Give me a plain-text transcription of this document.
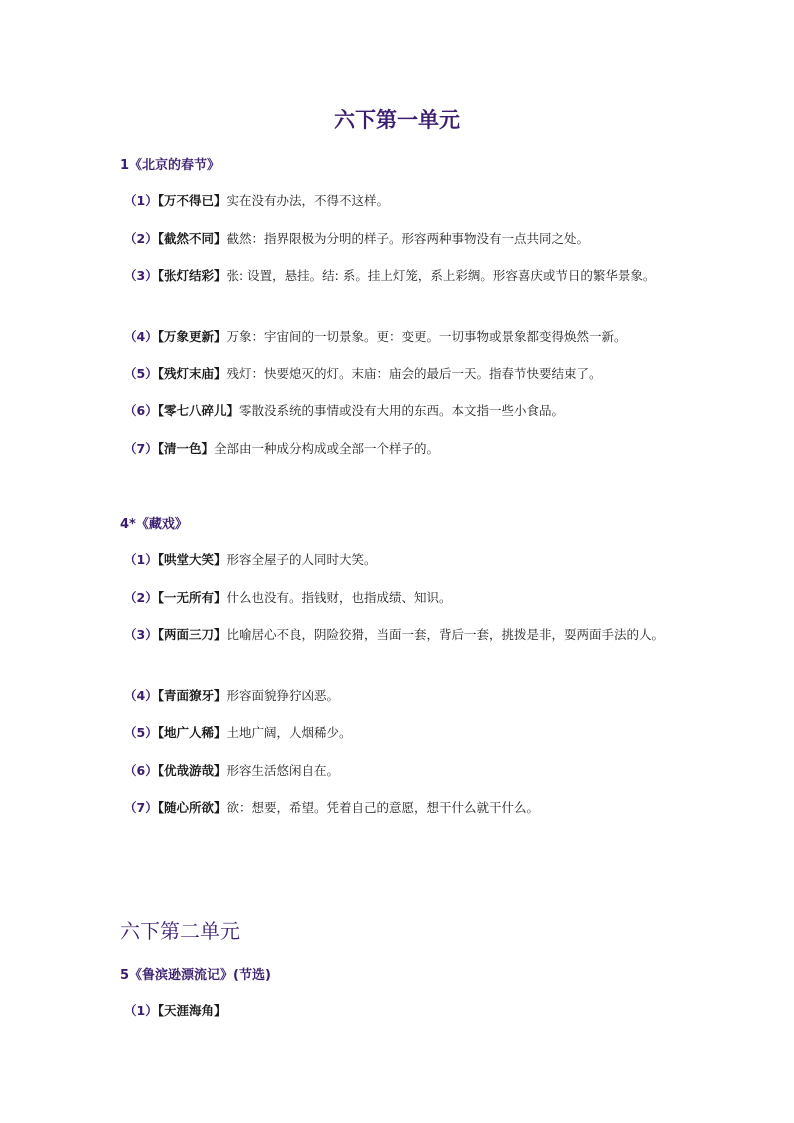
六下第一单元
1《北京的春节》

（1）【万不得已】实在没有办法，不得不这样。

（2）【截然不同】截然：指界限极为分明的样子。形容两种事物没有一点共同之处。

（3）【张灯结彩】张: 设置，悬挂。结: 系。挂上灯笼，系上彩绸。形容喜庆或节日的繁华景象。

（4）【万象更新】万象：宇宙间的一切景象。更：变更。一切事物或景象都变得焕然一新。

（5）【残灯末庙】残灯：快要熄灭的灯。末庙：庙会的最后一天。指春节快要结束了。

（6）【零七八碎儿】零散没系统的事情或没有大用的东西。本文指一些小食品。

（7）【清一色】全部由一种成分构成或全部一个样子的。

4*《藏戏》

（1）【哄堂大笑】形容全屋子的人同时大笑。

（2）【一无所有】什么也没有。指钱财，也指成绩、知识。

（3）【两面三刀】比喻居心不良，阴险狡猾，当面一套，背后一套，挑拨是非，耍两面手法的人。

（4）【青面獠牙】形容面貌狰狞凶恶。

（5）【地广人稀】土地广阔，人烟稀少。

（6）【优哉游哉】形容生活悠闲自在。

（7）【随心所欲】欲：想要，希望。凭着自己的意愿，想干什么就干什么。

六下第二单元
5《鲁滨逊漂流记》(节选)

（1）【天涯海角】
